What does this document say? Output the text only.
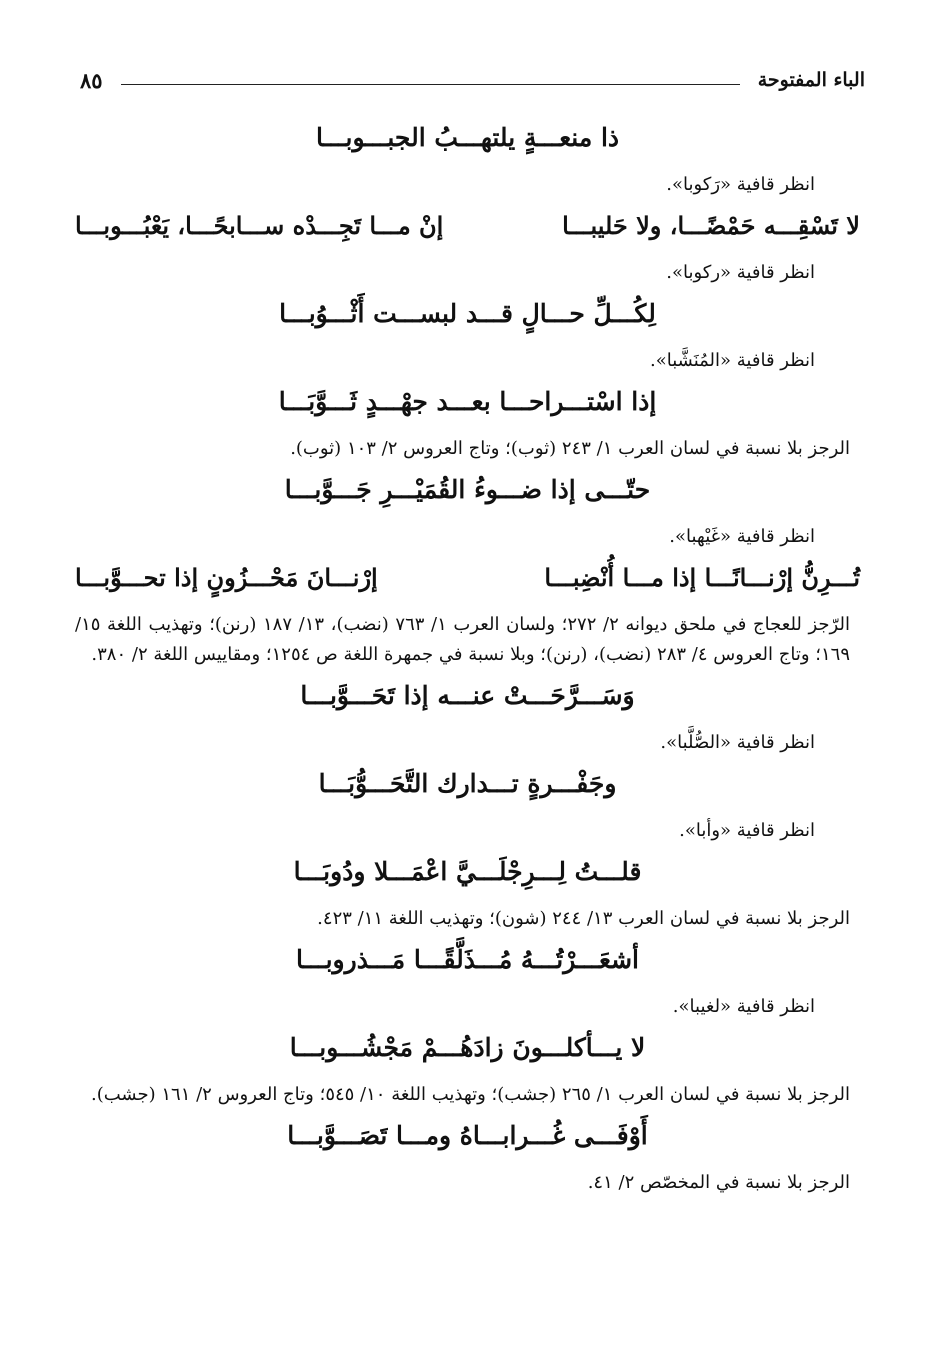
الباء المفتوحة
٨٥
ذا منعـــةٍ يلتهـــبُ الجبـــوبـــا
انظر قافية «رَكوبا».
لا تَسْقِـــه حَمْضًـــا، ولا حَليبـــا
إنْ مـــا تَجِـــدْه ســـابحًـــا، يَعْبُـــوبـــا
انظر قافية «ركوبا».
لِكُـــلِّ حـــالٍ قـــد لبســـت أَثْـــوُبـــا
انظر قافية «المُنَشَّبا».
إذا اسْتـــراحـــا بعـــد جهْـــدٍ ثَـــوَّبَـــا
الرجز بلا نسبة في لسان العرب ١/ ٢٤٣ (ثوب)؛ وتاج العروس ٢/ ١٠٣ (ثوب).
حتّـــى إذا ضـــوءُ القُمَيْـــرِ جَـــوَّبـــا
انظر قافية «غَيْهبا».
تُـــرِنُّ إرْنـــانًـــا إذا مـــا أُنْضِبـــا
إرْنـــانَ مَحْـــزُونٍ إذا تحـــوَّبـــا
الرّجز للعجاج في ملحق ديوانه ٢/ ٢٧٢؛ ولسان العرب ١/ ٧٦٣ (نضب)، ١٣/ ١٨٧ (رنن)؛ وتهذيب اللغة ١٥/ ١٦٩؛ وتاج العروس ٤/ ٢٨٣ (نضب)، (رنن)؛ وبلا نسبة في جمهرة اللغة ص ١٢٥٤؛ ومقاييس اللغة ٢/ ٣٨٠.
وَسَـــرَّحَـــتْ عنـــه إذا تَحَـــوَّبـــا
انظر قافية «الصُّلَّبا».
وجَفْـــرةٍ تـــدارك التَّحَـــوُّبَـــا
انظر قافية «وأبا».
قلـــتُ لِـــرِجْلَـــيَّ اعْمَـــلا ودُوبَـــا
الرجز بلا نسبة في لسان العرب ١٣/ ٢٤٤ (شون)؛ وتهذيب اللغة ١١/ ٤٢٣.
أشعَـــرْتُـــهُ مُـــذَلَّقًـــا مَـــذروبـــا
انظر قافية «لغيبا».
لا يـــأكلـــونَ زادَهُـــمْ مَجْشُـــوبـــا
الرجز بلا نسبة في لسان العرب ١/ ٢٦٥ (جشب)؛ وتهذيب اللغة ١٠/ ٥٤٥؛ وتاج العروس ٢/ ١٦١ (جشب).
أَوْفَـــى غُـــرابـــاهُ ومـــا تَصَـــوَّبـــا
الرجز بلا نسبة في المخصّص ٢/ ٤١.
